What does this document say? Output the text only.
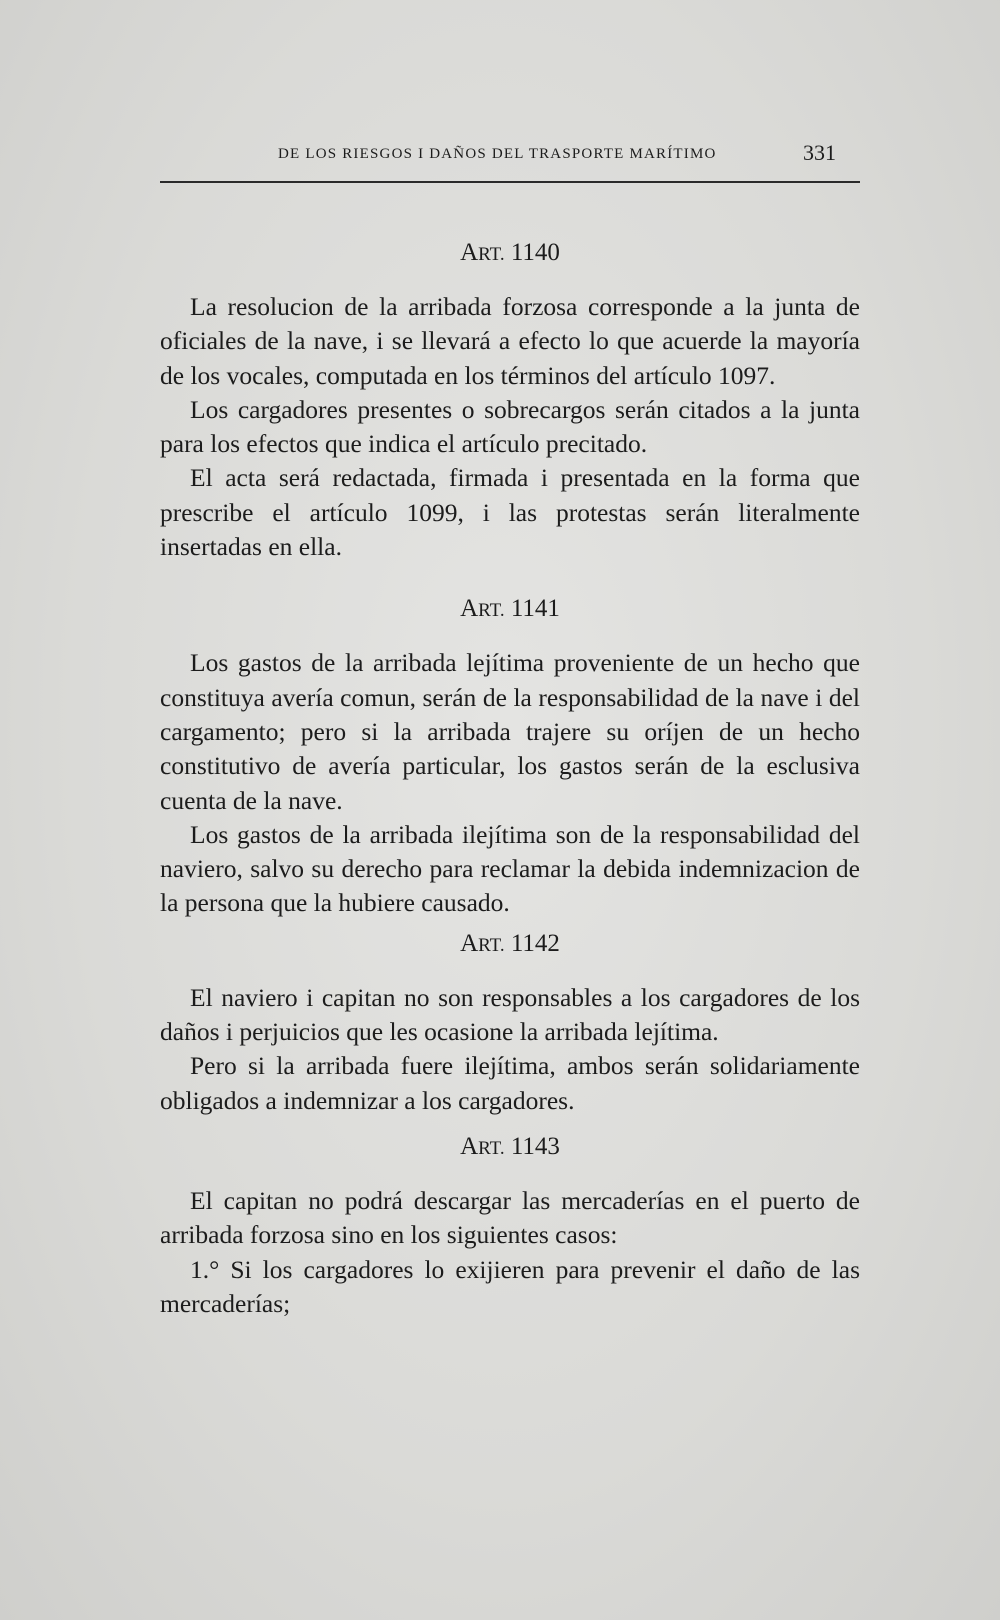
DE LOS RIESGOS I DAÑOS DEL TRASPORTE MARÍTIMO	331
ART. 1140

La resolucion de la arribada forzosa corresponde a la junta de oficiales de la nave, i se llevará a efecto lo que acuerde la mayoría de los vocales, computada en los términos del artículo 1097.

Los cargadores presentes o sobrecargos serán citados a la junta para los efectos que indica el artículo precitado.

El acta será redactada, firmada i presentada en la forma que prescribe el artículo 1099, i las protestas serán literalmente insertadas en ella.

ART. 1141

Los gastos de la arribada lejítima proveniente de un hecho que constituya avería comun, serán de la responsabilidad de la nave i del cargamento; pero si la arribada trajere su oríjen de un hecho constitutivo de avería particular, los gastos serán de la esclusiva cuenta de la nave.

Los gastos de la arribada ilejítima son de la responsabilidad del naviero, salvo su derecho para reclamar la debida indemnizacion de la persona que la hubiere causado.

ART. 1142

El naviero i capitan no son responsables a los cargadores de los daños i perjuicios que les ocasione la arribada lejítima.

Pero si la arribada fuere ilejítima, ambos serán solidariamente obligados a indemnizar a los cargadores.

ART. 1143

El capitan no podrá descargar las mercaderías en el puerto de arribada forzosa sino en los siguientes casos:

1.° Si los cargadores lo exijieren para prevenir el daño de las mercaderías;
